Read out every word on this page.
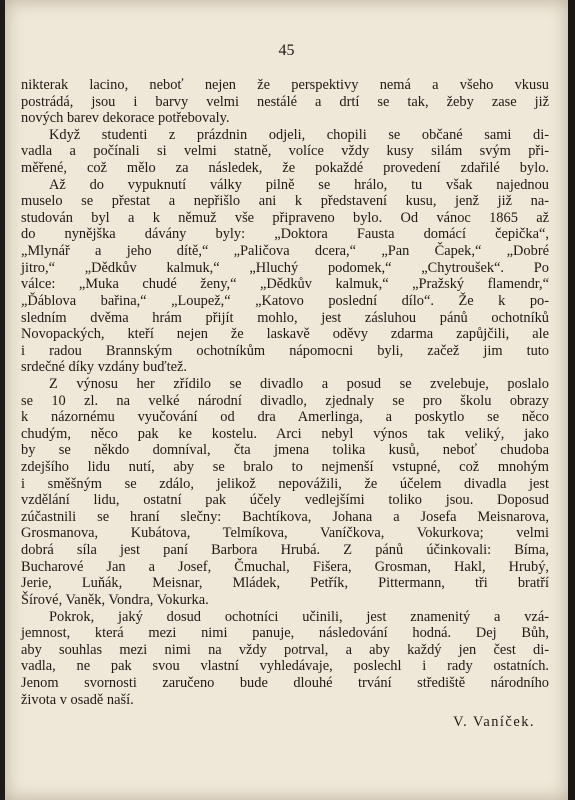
45
nikterak lacino, neboť nejen že perspektivy nemá a všeho vkusu
postrádá, jsou i barvy velmi nestálé a drtí se tak, žeby zase již
nových barev dekorace potřebovaly.
Když studenti z prázdnin odjeli, chopili se občané sami di-
vadla a počínali si velmi statně, volíce vždy kusy silám svým při-
měřené, což mělo za následek, že pokaždé provedení zdařilé bylo.
Až do vypuknutí války pilně se hrálo, tu však najednou
muselo se přestat a nepřišlo ani k představení kusu, jenž již na-
studován byl a k němuž vše připraveno bylo. Od vánoc 1865 až
do nynějška dávány byly: „Doktora Fausta domácí čepička“,
„Mlynář a jeho dítě,“ „Paličova dcera,“ „Pan Čapek,“ „Dobré
jitro,“ „Dědkův kalmuk,“ „Hluchý podomek,“ „Chytroušek“. Po
válce: „Muka chudé ženy,“ „Dědkův kalmuk,“ „Pražský flamendr,“
„Ďáblova bařina,“ „Loupež,“ „Katovo poslední dílo“. Že k po-
sledním dvěma hrám přijít mohlo, jest zásluhou pánů ochotníků
Novopackých, kteří nejen že laskavě oděvy zdarma zapůjčili, ale
i radou Brannským ochotníkům nápomocni byli, začež jim tuto
srdečné díky vzdány buďtež.
Z výnosu her zřídilo se divadlo a posud se zvelebuje, poslalo
se 10 zl. na velké národní divadlo, zjednaly se pro školu obrazy
k názornému vyučování od dra Amerlinga, a poskytlo se něco
chudým, něco pak ke kostelu. Arci nebyl výnos tak veliký, jako
by se někdo domníval, čta jmena tolika kusů, neboť chudoba
zdejšího lidu nutí, aby se bralo to nejmenší vstupné, což mnohým
i směšným se zdálo, jelikož nepovážili, že účelem divadla jest
vzdělání lidu, ostatní pak účely vedlejšími toliko jsou. Doposud
zúčastnili se hraní slečny: Bachtíkova, Johana a Josefa Meisnarova,
Grosmanova, Kubátova, Telmíkova, Vaníčkova, Vokurkova; velmi
dobrá síla jest paní Barbora Hrubá. Z pánů účinkovali: Bíma,
Bucharové Jan a Josef, Čmuchal, Fišera, Grosman, Hakl, Hrubý,
Jerie, Luňák, Meisnar, Mládek, Petřík, Pittermann, tři bratří
Šírové, Vaněk, Vondra, Vokurka.
Pokrok, jaký dosud ochotníci učinili, jest znamenitý a vzá-
jemnost, která mezi nimi panuje, následování hodná. Dej Bůh,
aby souhlas mezi nimi na vždy potrval, a aby každý jen čest di-
vadla, ne pak svou vlastní vyhledávaje, poslechl i rady ostatních.
Jenom svornosti zaručeno bude dlouhé trvání střediště národního
života v osadě naší.
V. Vaníček.
